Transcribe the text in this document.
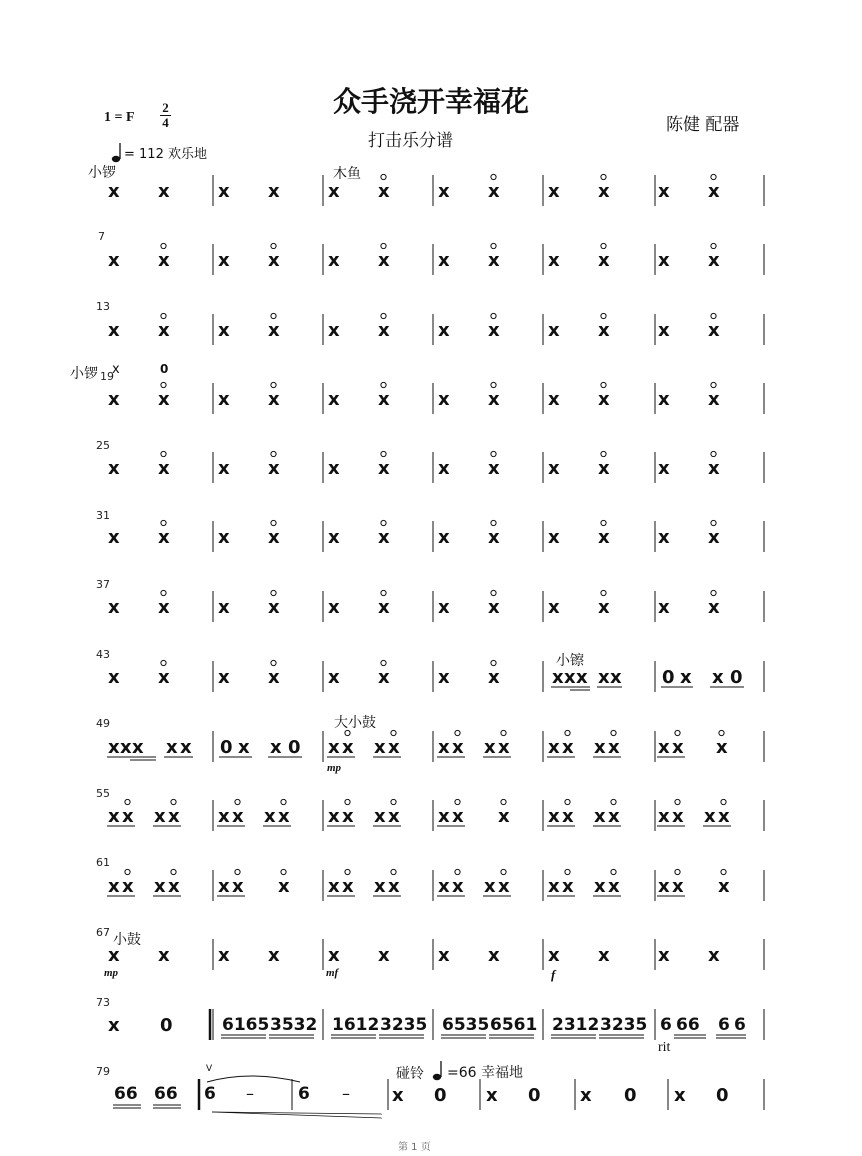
众手浇开幸福花
打击乐分谱
陈健 配器
1 = F
2
4
= 112 欢乐地
小锣	木鱼
小锣
小镲
大小鼓
小鼓
碰铃
7
13
19
25
31
37
43
49
55
61
67
73
79
x	0
mp
mp	mf	f
rit
66 66 6 –	6 –
V	=66 幸福地
第 1 页
x x	x x	x x	x x	x x	x x
x x	x x	x x	x x	x x	x x
x x	x x	x x	x x	x x	x x
x x	x x	x x	x x	x x	x x
x x	x x	x x	x x	x x	x x
x x	x x	x x	x x	x x	x x
x x	x x	x x	x x	x x	x x
x x	x x	x x	x x	x x x x x 0 x x 0
x x x x x 0 x x 0 x x x x x x x x x x x x x x x
x x x x x x x x x x x x x x x x x x x x x x x
x x x x x x x x x x x x x x x x x x x x x x
x x	x x	x x	x x	x x	x x
x 0	6165 3532 1612 3235 6535 6561 2312 3235 6 66 6 6
x 0 x 0 x 0 x 0
